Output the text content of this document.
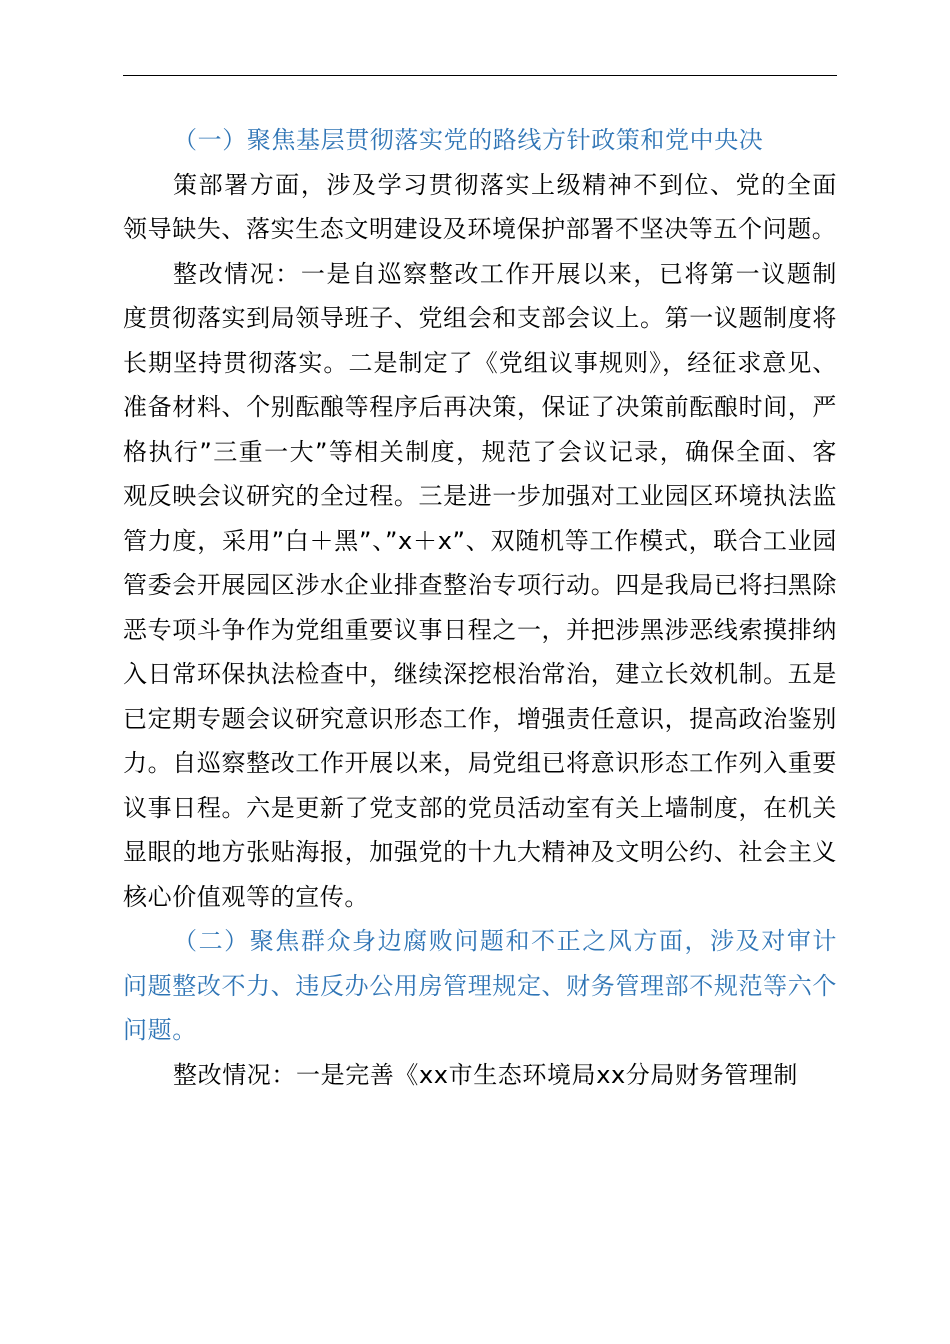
（一）聚焦基层贯彻落实党的路线方针政策和党中央决

策部署方面，涉及学习贯彻落实上级精神不到位、党的全面领导缺失、落实生态文明建设及环境保护部署不坚决等五个问题。

整改情况：一是自巡察整改工作开展以来，已将第一议题制度贯彻落实到局领导班子、党组会和支部会议上。第一议题制度将长期坚持贯彻落实。二是制定了《党组议事规则》，经征求意见、准备材料、个别酝酿等程序后再决策，保证了决策前酝酿时间，严格执行”三重一大”等相关制度，规范了会议记录，确保全面、客观反映会议研究的全过程。三是进一步加强对工业园区环境执法监管力度，采用”白＋黑”、”x＋x”、双随机等工作模式，联合工业园管委会开展园区涉水企业排查整治专项行动。四是我局已将扫黑除恶专项斗争作为党组重要议事日程之一，并把涉黑涉恶线索摸排纳入日常环保执法检查中，继续深挖根治常治，建立长效机制。五是已定期专题会议研究意识形态工作，增强责任意识，提高政治鉴别力。自巡察整改工作开展以来，局党组已将意识形态工作列入重要议事日程。六是更新了党支部的党员活动室有关上墙制度，在机关显眼的地方张贴海报，加强党的十九大精神及文明公约、社会主义核心价值观等的宣传。

（二）聚焦群众身边腐败问题和不正之风方面，涉及对审计问题整改不力、违反办公用房管理规定、财务管理部不规范等六个问题。

整改情况：一是完善《xx市生态环境局xx分局财务管理制
